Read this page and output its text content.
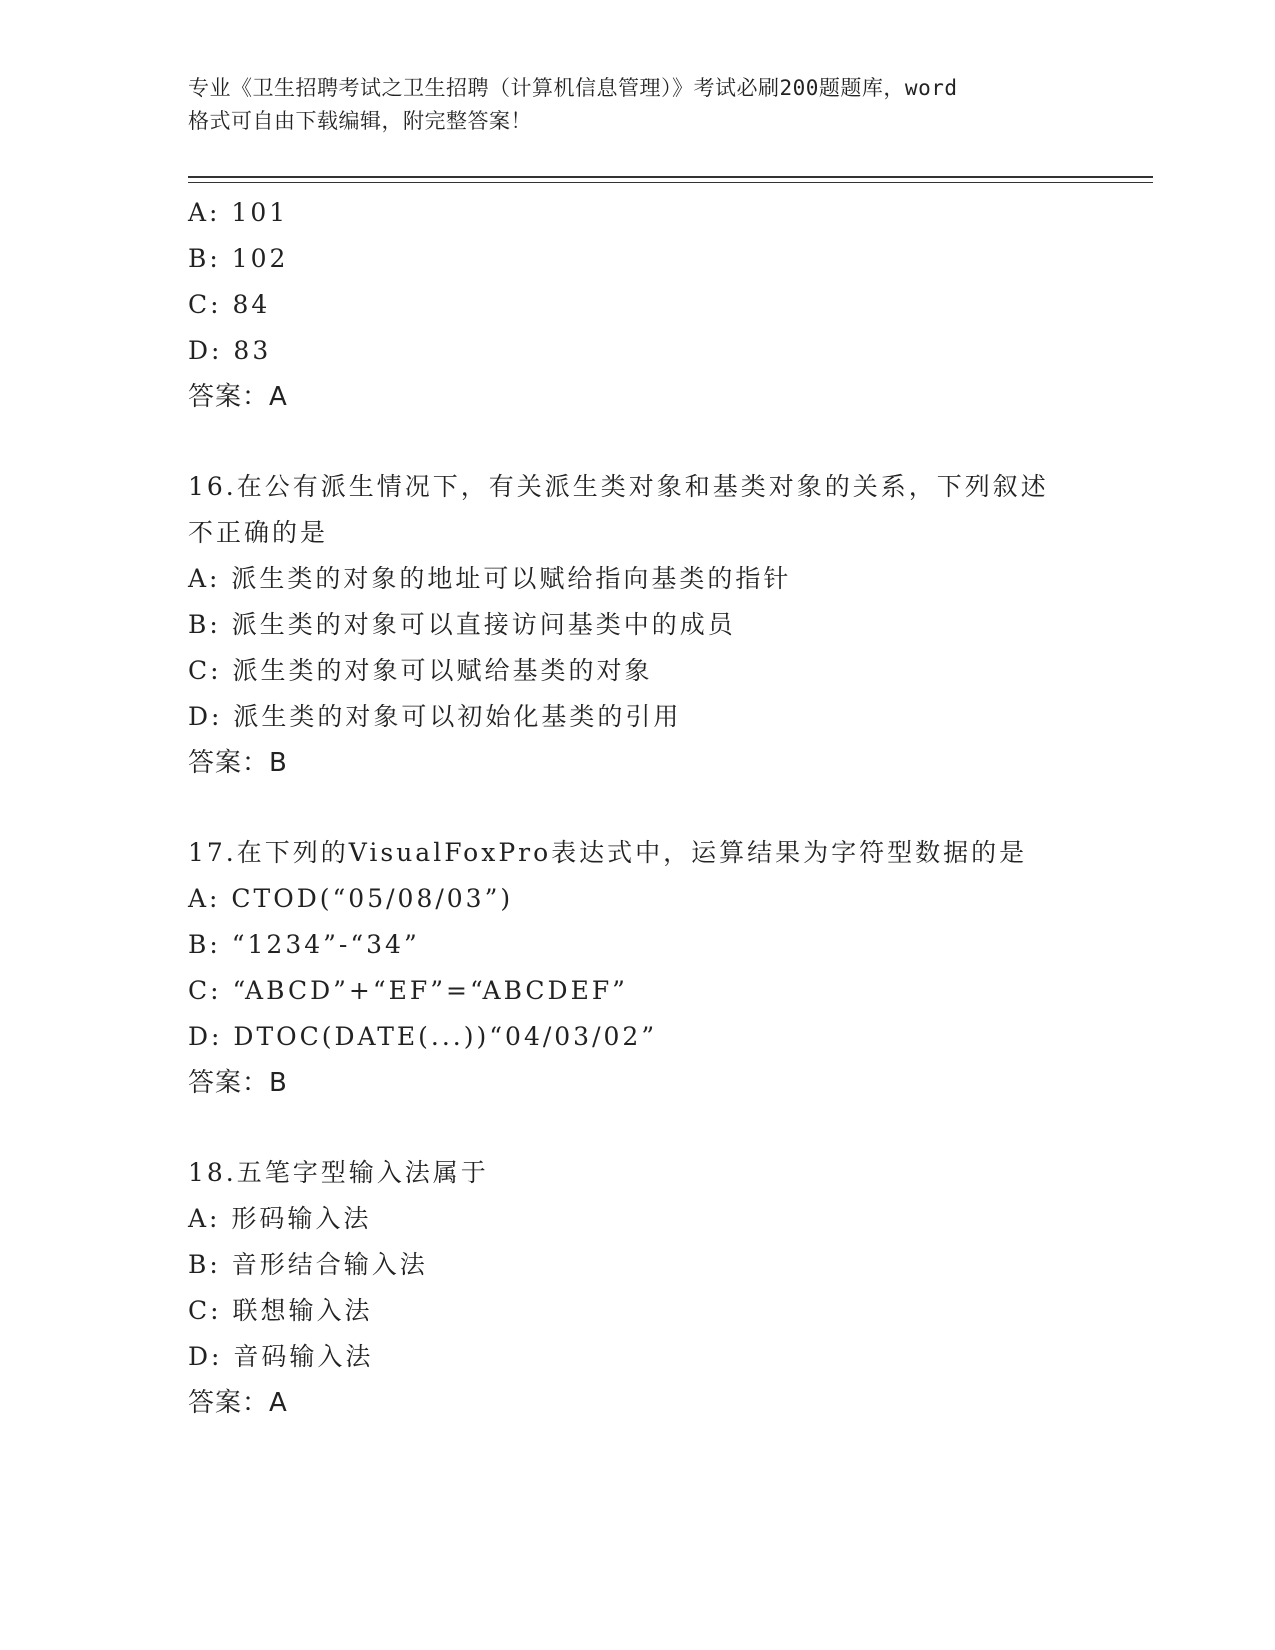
专业《卫生招聘考试之卫生招聘（计算机信息管理）》考试必刷200题题库，word
格式可自由下载编辑，附完整答案！
A: 101
B: 102
C: 84
D: 83
答案：A
16.在公有派生情况下，有关派生类对象和基类对象的关系，下列叙述
不正确的是
A: 派生类的对象的地址可以赋给指向基类的指针
B: 派生类的对象可以直接访问基类中的成员
C: 派生类的对象可以赋给基类的对象
D: 派生类的对象可以初始化基类的引用
答案：B
17.在下列的VisualFoxPro表达式中，运算结果为字符型数据的是
A: CTOD(“05/08/03”)
B: “1234”-“34”
C: “ABCD”+“EF”=“ABCDEF”
D: DTOC(DATE(...))“04/03/02”
答案：B
18.五笔字型输入法属于
A: 形码输入法
B: 音形结合输入法
C: 联想输入法
D: 音码输入法
答案：A
